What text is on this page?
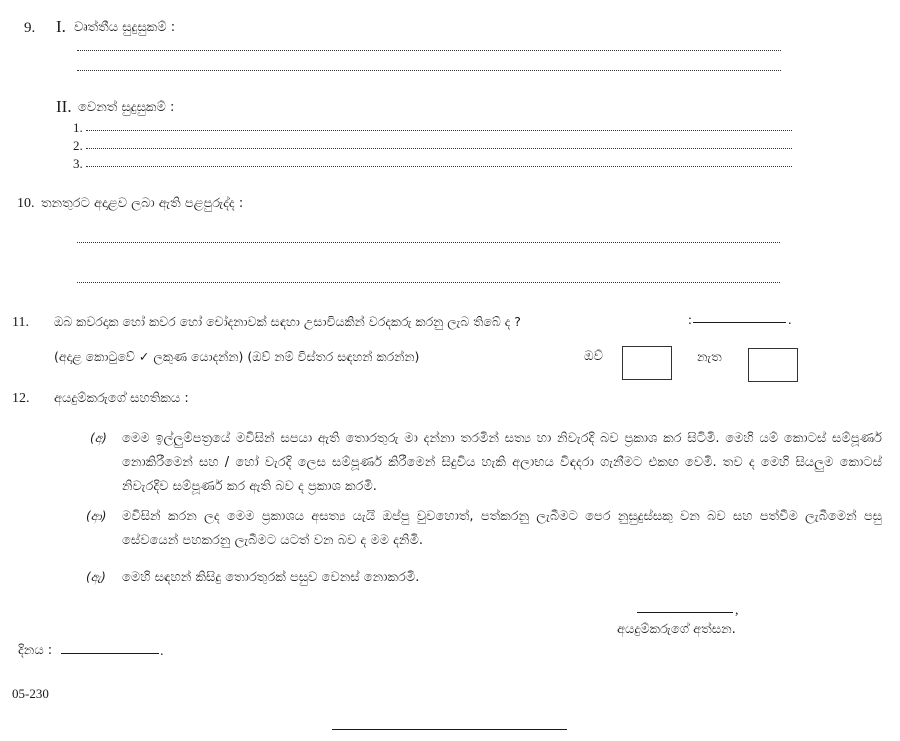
9. I. වෘත්තීය සුදුසුකම් :
II. වෙනත් සුදුසුකම් :
1.
2.
3.
10. තනතුරට අදාළව ලබා ඇති පළපුරුද්ද :
11. ඔබ කවරදාක හෝ කවර හෝ චෝදනාවක් සඳහා උසාවියකින් වරදකරු කරනු ලැබ තිබේ ද ?	:	.
(අදාළ කොටුවේ ✓ ලකුණ යොදන්න) (ඔව් නම් විස්තර සඳහන් කරන්න)	ඔව්	නැත
12. අයදුම්කරුගේ සහතිකය :
(අ) මෙම ඉල්ලුම්පත්‍රයේ මවිසින් සපයා ඇති තොරතුරු මා දන්නා තරමින් සත්‍ය හා නිවැරදි බව ප්‍රකාශ කර සිටිමි. මෙහි යම් කොටස් සම්පූර්ණ නොකිරීමෙන් සහ / හෝ වැරදි ලෙස සම්පූර්ණ කිරීමෙන් සිදුවිය හැකි අලාභය විඳදරා ගැනීමට එකඟ වෙමි. තව ද මෙහි සියලුම කොටස් නිවැරදිව සම්පූර්ණ කර ඇති බව ද ප්‍රකාශ කරමි.
(ආ) මවිසින් කරන ලද මෙම ප්‍රකාශය අසත්‍ය යැයි ඔප්පු වුවහොත්, පත්කරනු ලැබීමට පෙර නුසුදුස්සකු වන බව සහ පත්වීම ලැබීමෙන් පසු සේවයෙන් පහකරනු ලැබීමට යටත් වන බව ද මම දනිමි.
(ඇ) මෙහි සඳහන් කිසිදු තොරතුරක් පසුව වෙනස් නොකරමි.
,
අයදුම්කරුගේ අත්සන.
දිනය :	.
05-230
